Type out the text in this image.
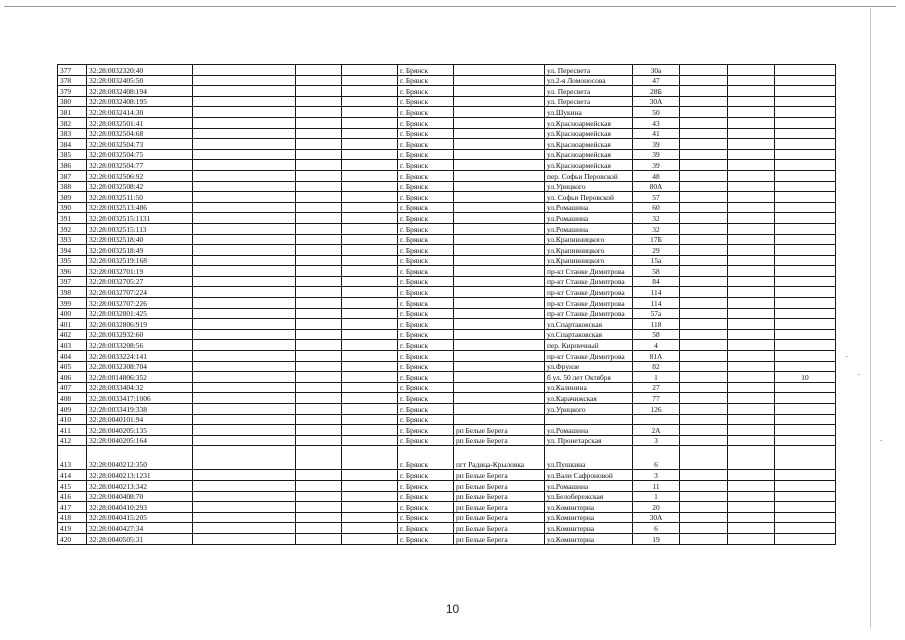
377	32:28:0032320:40				г. Брянск		ул. Пересвета	30а			
378	32:28:0032405:50				г. Брянск		ул.2-я Ломоносова	47			
379	32:28:0032408:194				г. Брянск		ул. Пересвета	28Б			
380	32:28:0032408:195				г. Брянск		ул. Пересвета	30А			
381	32:28:0032414:30				г. Брянск		ул.Шукина	50			
382	32:28:0032501:41				г. Брянск		ул.Красноармейская	43			
383	32:28:0032504:68				г. Брянск		ул.Красноармейская	41			
384	32:28:0032504:73				г. Брянск		ул.Красноармейская	39			
385	32:28:0032504:75				г. Брянск		ул.Красноармейская	39			
386	32:28:0032504:77				г. Брянск		ул.Красноармейская	39			
387	32:28:0032506:92				г. Брянск		пер. Софьи Перовской	48			
388	32:28:0032508:42				г. Брянск		ул.Урицкого	80А			
389	32:28:0032511:50				г. Брянск		ул. Софьи Перовской	57			
390	32:28:0032513:486				г. Брянск		ул.Ромашина	60			
391	32:28:0032515:1131				г. Брянск		ул.Ромашина	32			
392	32:28:0032515:113				г. Брянск		ул.Ромашина	32			
393	32:28:0032518:40				г. Брянск		ул.Крапивницкого	17Б			
394	32:28:0032518:49				г. Брянск		ул.Крапивницкого	29			
395	32:28:0032519:168				г. Брянск		ул.Крапивницкого	15а			
396	32:28:0032701:19				г. Брянск		пр-кт Станке Димитрова	58			
397	32:28:0032705:27				г. Брянск		пр-кт Станке Димитрова	84			
398	32:28:0032707:224				г. Брянск		пр-кт Станке Димитрова	114			
399	32:28:0032707:226				г. Брянск		пр-кт Станке Димитрова	114			
400	32:28:0032801:425				г. Брянск		пр-кт Станке Димитрова	57а			
401	32:28:0032806:919				г. Брянск		ул.Спартаковская	118			
402	32:28:0032932:60				г. Брянск		ул.Спартаковская	58			
403	32:28:0033208:56				г. Брянск		пер. Кирпичный	4			
404	32:28:0033224:141				г. Брянск		пр-кт Станке Димитрова	81А			
405	32:28:0032308:704				г. Брянск		ул.Фрунзе	82			
406	32:28:0014806:352				г. Брянск		б ул. 50 лет Октября	1			10
407	32:28:0033404:32				г. Брянск		ул.Калинина	27			
408	32:28:0033417:1006				г. Брянск		ул.Карачижская	77			
409	32:28:0033419:338				г. Брянск		ул.Урицкого	126			
410	32:28:0040101:94				г. Брянск						
411	32:28:0040205:135				г. Брянск	рп Белые Берега	ул.Ромашина	2А			
412	32:28:0040205:164				г. Брянск	рп Белые Берега	ул. Пронетарская	3			
413	32:28:0040212:350				г. Брянск	пгт Радица-Крыловка	ул.Пушкина	6			
414	32:28:0040213:1231				г. Брянск	рп Белые Берега	ул.Вали Сафроновой	3			
415	32:28:0040213:342				г. Брянск	рп Белые Берега	ул.Ромашина	11			
416	32:28:0040408:70				г. Брянск	рп Белые Берега	ул.Белобережская	1			
417	32:28:0040410:293				г. Брянск	рп Белые Берега	ул.Коминтерна	20			
418	32:28:0040415:205				г. Брянск	рп Белые Берега	ул.Коминтерна	30А			
419	32:28:0040427:34				г. Брянск	рп Белые Берега	ул.Коминтерна	6			
420	32:28:0040505:31				г. Брянск	рп Белые Берега	ул.Коминтерна	19			
10
